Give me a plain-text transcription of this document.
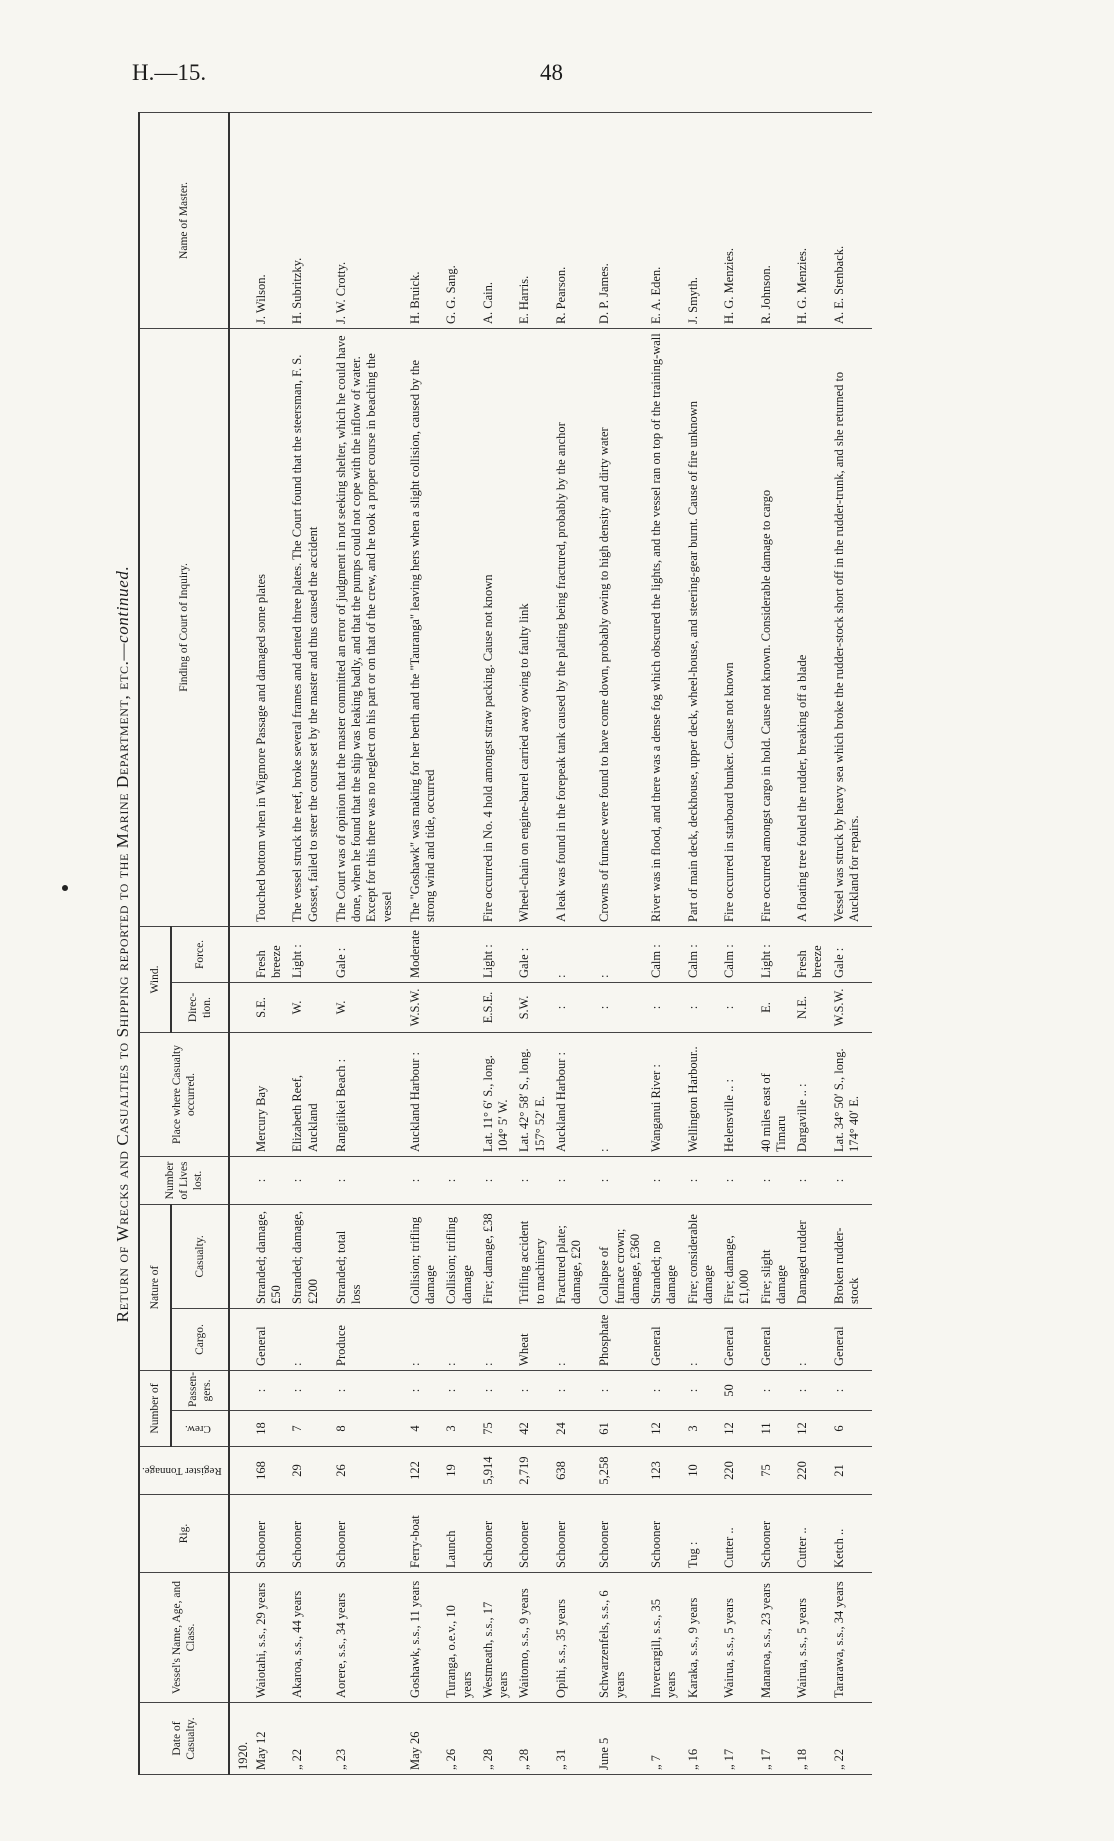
H.—15.	48
Return of Wrecks and Casualties to Shipping reported to the Marine Department, etc.—continued.
Date of Casualty.	Vessel's Name, Age, and Class.	Rig.	Register Tonnage.	Number of		Nature of		Number of Lives lost.	Place where Casualty occurred.	Wind.		Finding of Court of Inquiry.	Name of Master.
				Crew.	Passen-gers.	Cargo.	Casualty.			Direc-tion.	Force.		
1920.													
May 12	Waiotahi, s.s., 29 years	Schooner	168	18	:	General	Stranded; damage, £50	:	Mercury Bay	S.E.	Fresh breeze	Touched bottom when in Wigmore Passage and damaged some plates	J. Wilson.
„ 22	Akaroa, s.s., 44 years	Schooner	29	7	:	:	Stranded; damage, £200	:	Elizabeth Reef, Auckland	W.	Light :	The vessel struck the reef, broke several frames and dented three plates. The Court found that the steersman, F. S. Gosset, failed to steer the course set by the master and thus caused the accident	H. Subritzky.
„ 23	Aorere, s.s., 34 years	Schooner	26	8	:	Produce	Stranded; total loss	:	Rangitikei Beach :	W.	Gale :	The Court was of opinion that the master committed an error of judgment in not seeking shelter, which he could have done, when he found that the ship was leaking badly, and that the pumps could not cope with the inflow of water. Except for this there was no neglect on his part or on that of the crew, and he took a proper course in beaching the vessel	J. W. Crotty.
May 26	Goshawk, s.s., 11 years	Ferry-boat	122	4	:	:	Collision; trifling damage	:	Auckland Harbour :	W.S.W.	Moderate	The "Goshawk" was making for her berth and the "Tauranga" leaving hers when a slight collision, caused by the strong wind and tide, occurred	H. Bruick.
„ 26	Turanga, o.e.v., 10 years	Launch	19	3	:	:	Collision; trifling damage	:					G. G. Sang.
„ 28	Westmeath, s.s., 17 years	Schooner	5,914	75	:	:	Fire; damage, £38	:	Lat. 11° 6′ S., long. 104° 5′ W.	E.S.E.	Light :	Fire occurred in No. 4 hold amongst straw packing. Cause not known	A. Cain.
„ 28	Waitomo, s.s., 9 years	Schooner	2,719	42	:	Wheat	Trifling accident to machinery	:	Lat. 42° 58′ S., long. 157° 52′ E.	S.W.	Gale :	Wheel-chain on engine-barrel carried away owing to faulty link	E. Harris.
„ 31	Opihi, s.s., 35 years	Schooner	638	24	:	:	Fractured plate; damage, £20	:	Auckland Harbour :	:	:	A leak was found in the forepeak tank caused by the plating being fractured, probably by the anchor	R. Pearson.
June 5	Schwarzenfels, s.s., 6 years	Schooner	5,258	61	:	Phosphate	Collapse of furnace crown; damage, £360	:	:	:	:	Crowns of furnace were found to have come down, probably owing to high density and dirty water	D. P. James.
„ 7	Invercargill, s.s., 35 years	Schooner	123	12	:	General	Stranded; no damage	:	Wanganui River :	:	Calm :	River was in flood, and there was a dense fog which obscured the lights, and the vessel ran on top of the training-wall	E. A. Eden.
„ 16	Karaka, s.s., 9 years	Tug :	10	3	:	:	Fire; considerable damage	:	Wellington Harbour..	:	Calm :	Part of main deck, deckhouse, upper deck, wheel-house, and steering-gear burnt. Cause of fire unknown	J. Smyth.
„ 17	Wairua, s.s., 5 years	Cutter ..	220	12	50	General	Fire; damage, £1,000	:	Helensville .. :	:	Calm :	Fire occurred in starboard bunker. Cause not known	H. G. Menzies.
„ 17	Manaroa, s.s., 23 years	Schooner	75	11	:	General	Fire; slight damage	:	40 miles east of Timaru	E.	Light :	Fire occurred amongst cargo in hold. Cause not known. Considerable damage to cargo	R. Johnson.
„ 18	Wairua, s.s., 5 years	Cutter ..	220	12	:	:	Damaged rudder	:	Dargaville .. :	N.E.	Fresh breeze	A floating tree fouled the rudder, breaking off a blade	H. G. Menzies.
„ 22	Tararawa, s.s., 34 years	Ketch ..	21	6	:	General	Broken rudder-stock	:	Lat. 34° 50′ S., long. 174° 40′ E.	W.S.W.	Gale :	Vessel was struck by heavy sea which broke the rudder-stock short off in the rudder-trunk, and she returned to Auckland for repairs.	A. E. Stenback.
